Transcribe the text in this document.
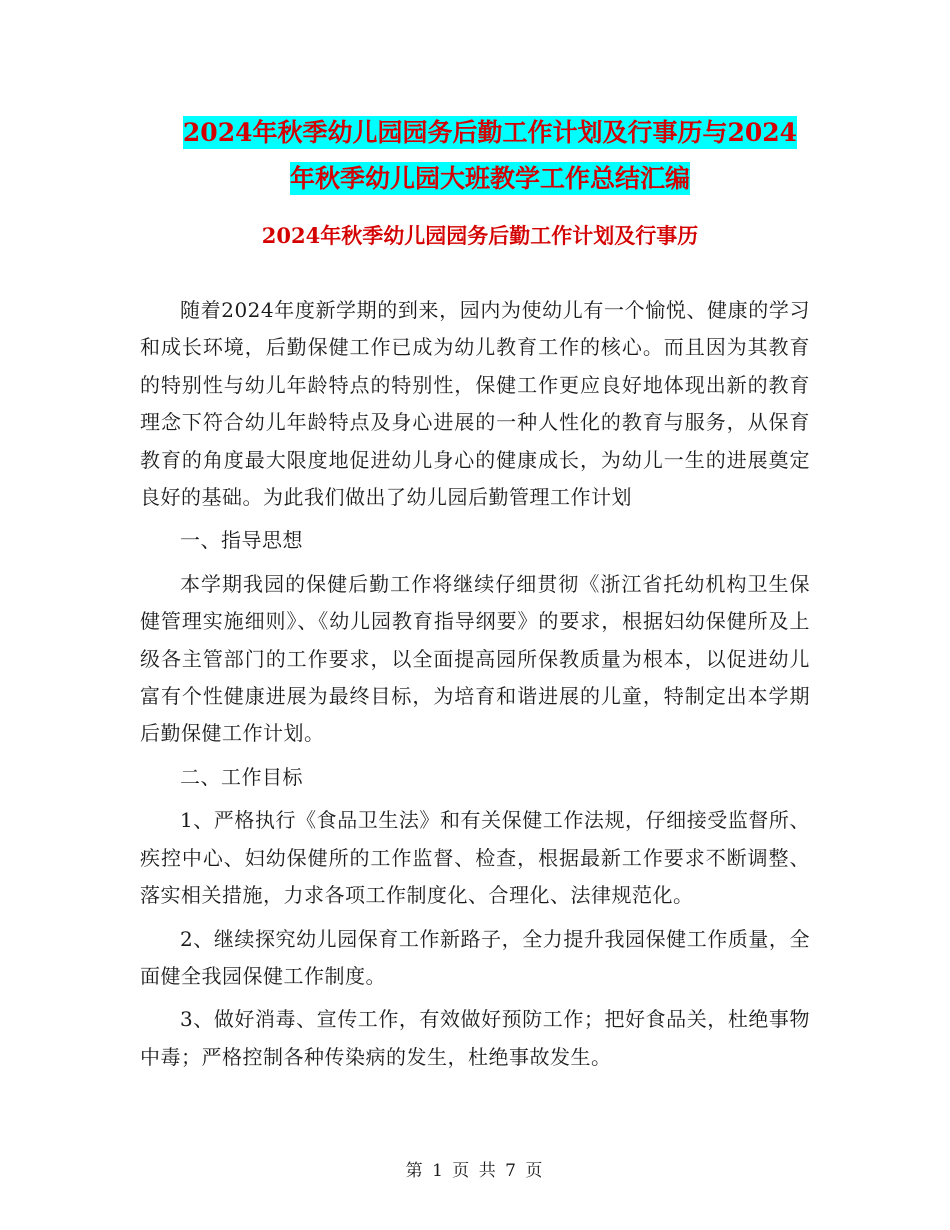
2024年秋季幼儿园园务后勤工作计划及行事历与2024
年秋季幼儿园大班教学工作总结汇编
2024年秋季幼儿园园务后勤工作计划及行事历

随着2024年度新学期的到来，园内为使幼儿有一个愉悦、健康的学习和成长环境，后勤保健工作已成为幼儿教育工作的核心。而且因为其教育的特别性与幼儿年龄特点的特别性，保健工作更应良好地体现出新的教育理念下符合幼儿年龄特点及身心进展的一种人性化的教育与服务，从保育教育的角度最大限度地促进幼儿身心的健康成长，为幼儿一生的进展奠定良好的基础。为此我们做出了幼儿园后勤管理工作计划

一、指导思想

本学期我园的保健后勤工作将继续仔细贯彻《浙江省托幼机构卫生保健管理实施细则》、《幼儿园教育指导纲要》的要求，根据妇幼保健所及上级各主管部门的工作要求，以全面提高园所保教质量为根本，以促进幼儿富有个性健康进展为最终目标，为培育和谐进展的儿童，特制定出本学期后勤保健工作计划。

二、工作目标

1、严格执行《食品卫生法》和有关保健工作法规，仔细接受监督所、疾控中心、妇幼保健所的工作监督、检查，根据最新工作要求不断调整、落实相关措施，力求各项工作制度化、合理化、法律规范化。

2、继续探究幼儿园保育工作新路子，全力提升我园保健工作质量，全面健全我园保健工作制度。

3、做好消毒、宣传工作，有效做好预防工作；把好食品关，杜绝事物中毒；严格控制各种传染病的发生，杜绝事故发生。

第 1 页 共 7 页
